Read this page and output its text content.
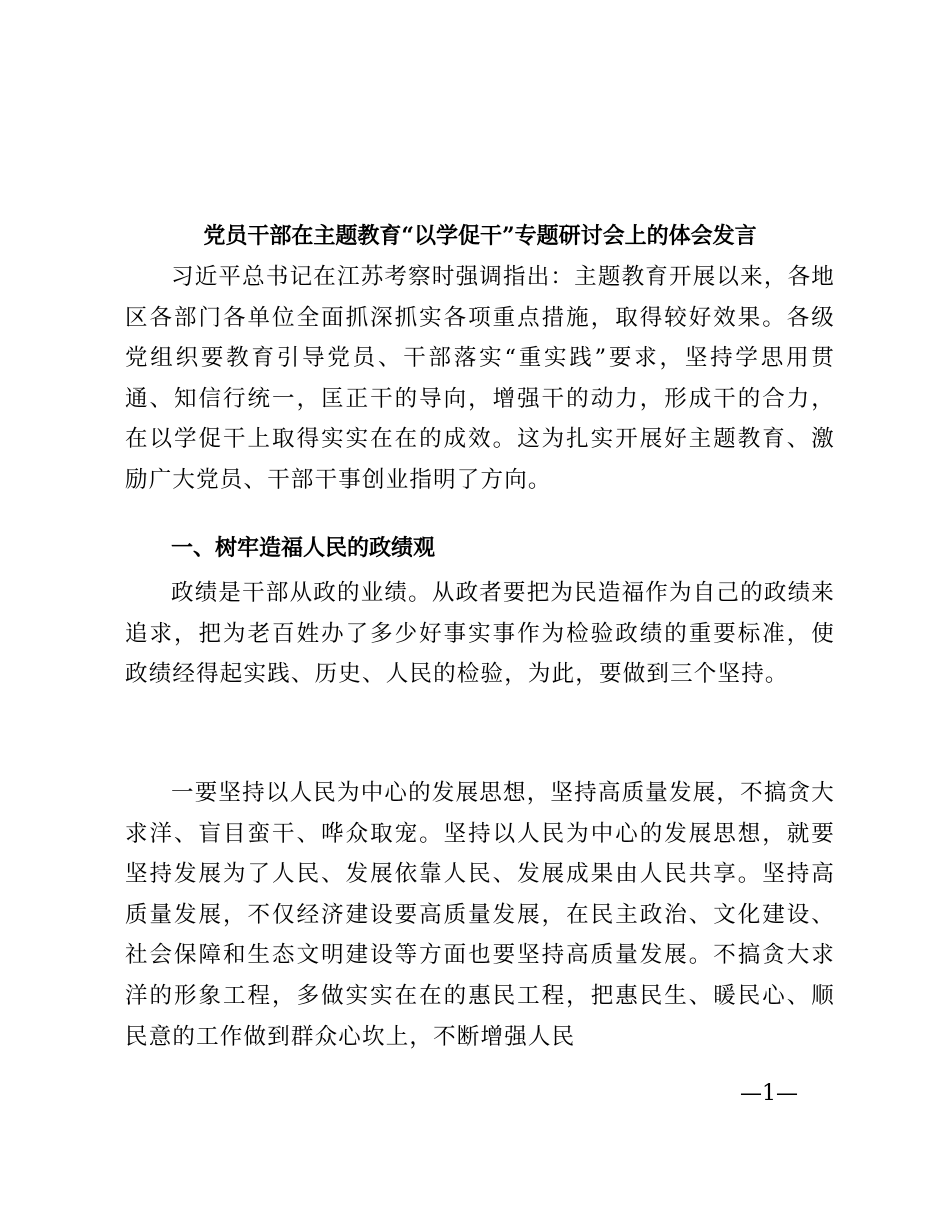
党员干部在主题教育“以学促干”专题研讨会上的体会发言
习近平总书记在江苏考察时强调指出：主题教育开展以来，各地区各部门各单位全面抓深抓实各项重点措施，取得较好效果。各级党组织要教育引导党员、干部落实“重实践”要求，坚持学思用贯通、知信行统一，匡正干的导向，增强干的动力，形成干的合力，在以学促干上取得实实在在的成效。这为扎实开展好主题教育、激励广大党员、干部干事创业指明了方向。
一、树牢造福人民的政绩观
政绩是干部从政的业绩。从政者要把为民造福作为自己的政绩来追求，把为老百姓办了多少好事实事作为检验政绩的重要标准，使政绩经得起实践、历史、人民的检验，为此，要做到三个坚持。
一要坚持以人民为中心的发展思想，坚持高质量发展，不搞贪大求洋、盲目蛮干、哗众取宠。坚持以人民为中心的发展思想，就要坚持发展为了人民、发展依靠人民、发展成果由人民共享。坚持高质量发展，不仅经济建设要高质量发展，在民主政治、文化建设、社会保障和生态文明建设等方面也要坚持高质量发展。不搞贪大求洋的形象工程，多做实实在在的惠民工程，把惠民生、暖民心、顺民意的工作做到群众心坎上，不断增强人民
—1—
